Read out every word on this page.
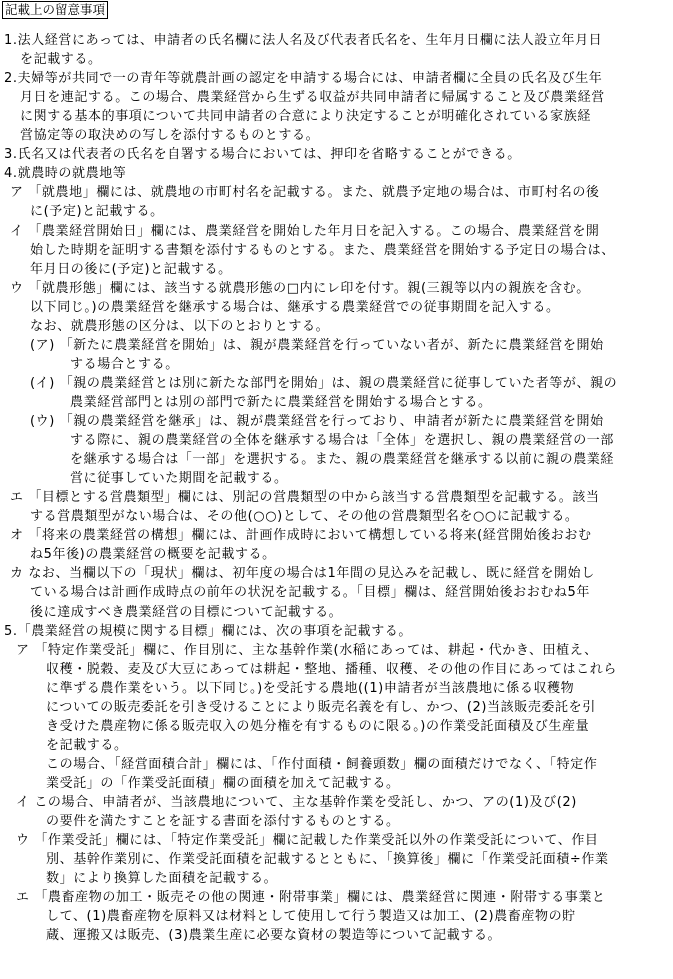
記載上の留意事項
1.法人経営にあっては、申請者の氏名欄に法人名及び代表者氏名を、生年月日欄に法人設立年月日
を記載する。
2.夫婦等が共同で一の青年等就農計画の認定を申請する場合には、申請者欄に全員の氏名及び生年
月日を連記する。この場合、農業経営から生ずる収益が共同申請者に帰属すること及び農業経営
に関する基本的事項について共同申請者の合意により決定することが明確化されている家族経
営協定等の取決めの写しを添付するものとする。
3.氏名又は代表者の氏名を自署する場合においては、押印を省略することができる。
4.就農時の就農地等
ア 「就農地」欄には、就農地の市町村名を記載する。また、就農予定地の場合は、市町村名の後
に(予定)と記載する。
イ 「農業経営開始日」欄には、農業経営を開始した年月日を記入する。この場合、農業経営を開
始した時期を証明する書類を添付するものとする。また、農業経営を開始する予定日の場合は、
年月日の後に(予定)と記載する。
ウ 「就農形態」欄には、該当する就農形態の□内にレ印を付す。親(三親等以内の親族を含む。
以下同じ。)の農業経営を継承する場合は、継承する農業経営での従事期間を記入する。
なお、就農形態の区分は、以下のとおりとする。
(ア) 「新たに農業経営を開始」は、親が農業経営を行っていない者が、新たに農業経営を開始
する場合とする。
(イ) 「親の農業経営とは別に新たな部門を開始」は、親の農業経営に従事していた者等が、親の
農業経営部門とは別の部門で新たに農業経営を開始する場合とする。
(ウ) 「親の農業経営を継承」は、親が農業経営を行っており、申請者が新たに農業経営を開始
する際に、親の農業経営の全体を継承する場合は「全体」を選択し、親の農業経営の一部
を継承する場合は「一部」を選択する。また、親の農業経営を継承する以前に親の農業経
営に従事していた期間を記載する。
エ 「目標とする営農類型」欄には、別記の営農類型の中から該当する営農類型を記載する。該当
する営農類型がない場合は、その他(○○)として、その他の営農類型名を○○に記載する。
オ 「将来の農業経営の構想」欄には、計画作成時において構想している将来(経営開始後おおむ
ね5年後)の農業経営の概要を記載する。
カ なお、当欄以下の「現状」欄は、初年度の場合は1年間の見込みを記載し、既に経営を開始し
ている場合は計画作成時点の前年の状況を記載する。「目標」欄は、経営開始後おおむね5年
後に達成すべき農業経営の目標について記載する。
5.「農業経営の規模に関する目標」欄には、次の事項を記載する。
ア 「特定作業受託」欄に、作目別に、主な基幹作業(水稲にあっては、耕起・代かき、田植え、
収穫・脱穀、麦及び大豆にあっては耕起・整地、播種、収穫、その他の作目にあってはこれら
に準ずる農作業をいう。以下同じ。)を受託する農地((1)申請者が当該農地に係る収穫物
についての販売委託を引き受けることにより販売名義を有し、かつ、(2)当該販売委託を引
き受けた農産物に係る販売収入の処分権を有するものに限る。)の作業受託面積及び生産量
を記載する。
この場合、「経営面積合計」欄には、「作付面積・飼養頭数」欄の面積だけでなく、「特定作
業受託」の「作業受託面積」欄の面積を加えて記載する。
イ この場合、申請者が、当該農地について、主な基幹作業を受託し、かつ、アの(1)及び(2)
の要件を満たすことを証する書面を添付するものとする。
ウ 「作業受託」欄には、「特定作業受託」欄に記載した作業受託以外の作業受託について、作目
別、基幹作業別に、作業受託面積を記載するとともに、「換算後」欄に「作業受託面積÷作業
数」により換算した面積を記載する。
エ 「農畜産物の加工・販売その他の関連・附帯事業」欄には、農業経営に関連・附帯する事業と
して、(1)農畜産物を原料又は材料として使用して行う製造又は加工、(2)農畜産物の貯
蔵、運搬又は販売、(3)農業生産に必要な資材の製造等について記載する。
